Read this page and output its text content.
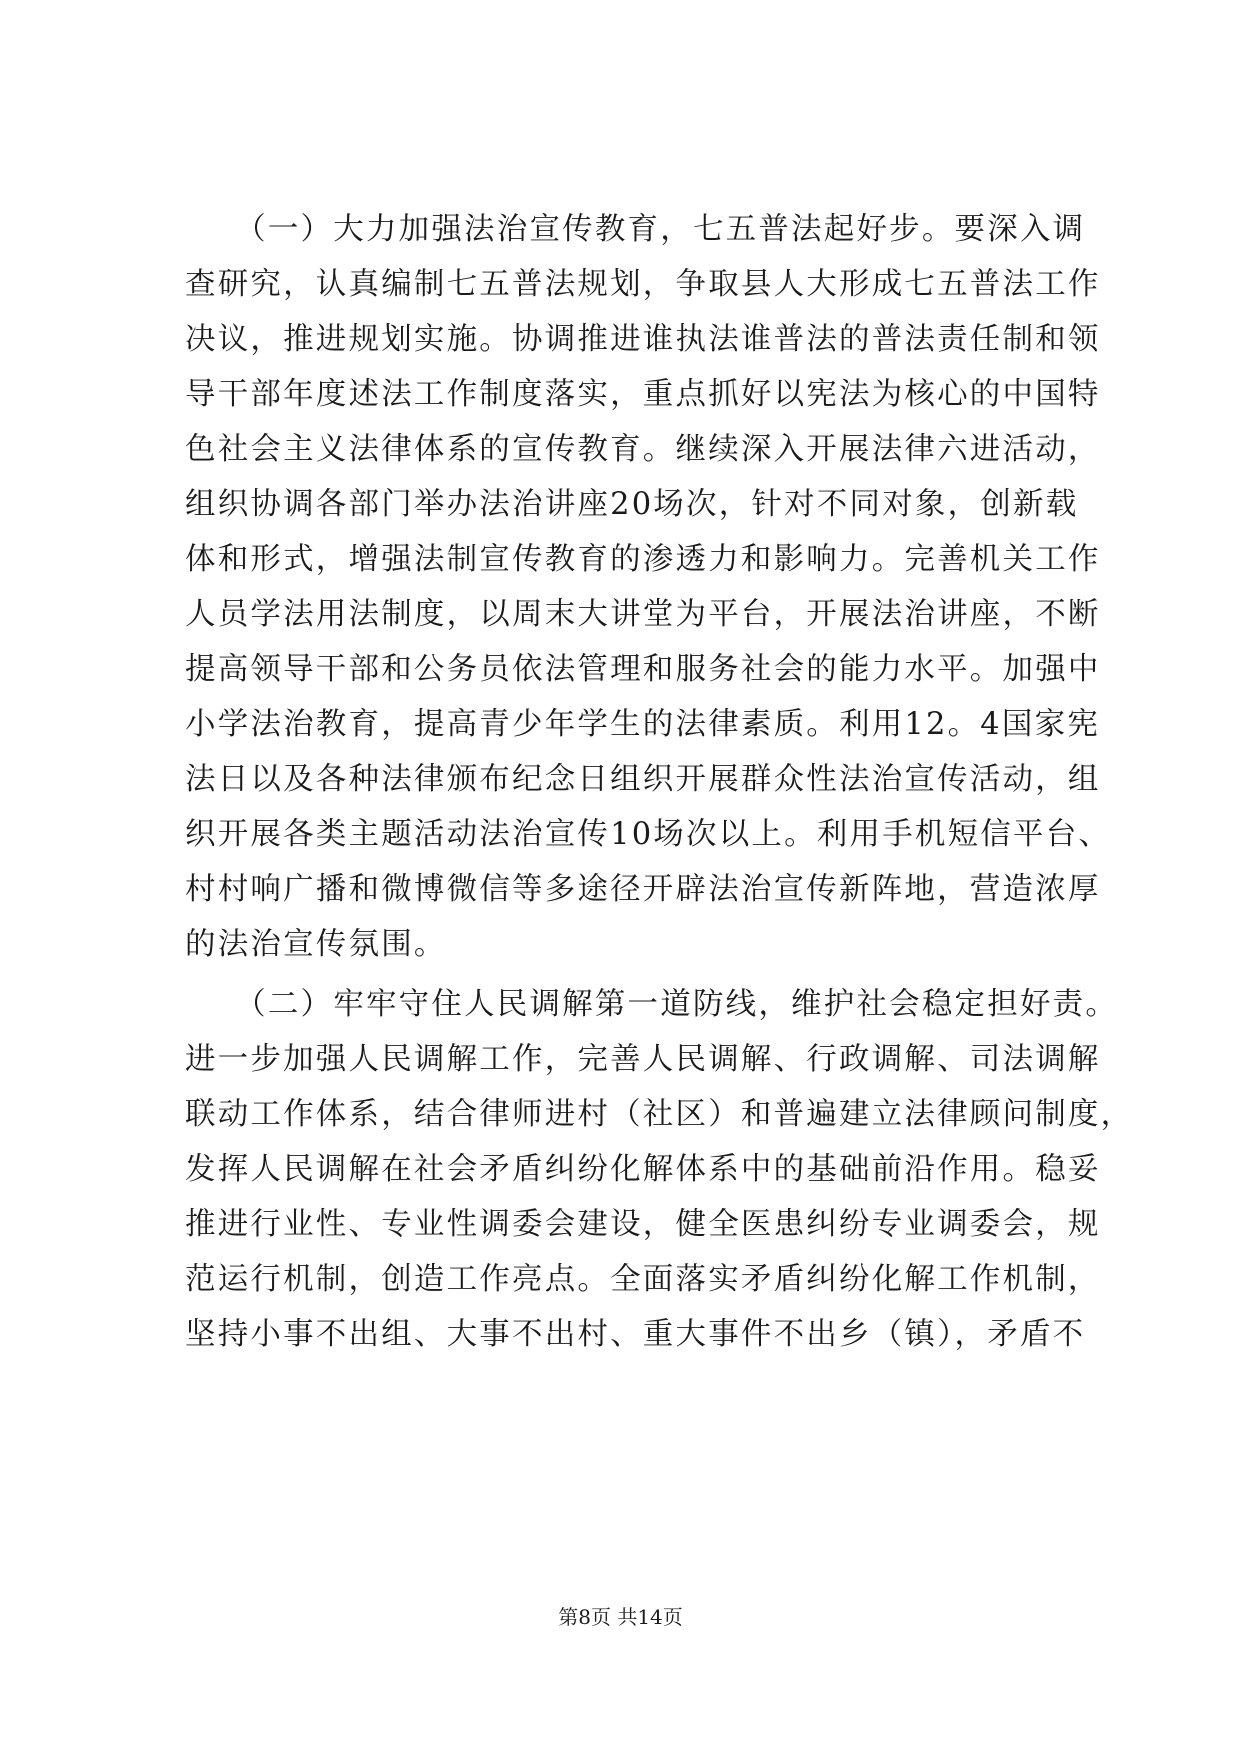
　　（一）大力加强法治宣传教育，七五普法起好步。要深入调
查研究，认真编制七五普法规划，争取县人大形成七五普法工作
决议，推进规划实施。协调推进谁执法谁普法的普法责任制和领
导干部年度述法工作制度落实，重点抓好以宪法为核心的中国特
色社会主义法律体系的宣传教育。继续深入开展法律六进活动，
组织协调各部门举办法治讲座20场次，针对不同对象，创新载
体和形式，增强法制宣传教育的渗透力和影响力。完善机关工作
人员学法用法制度，以周末大讲堂为平台，开展法治讲座，不断
提高领导干部和公务员依法管理和服务社会的能力水平。加强中
小学法治教育，提高青少年学生的法律素质。利用12。4国家宪
法日以及各种法律颁布纪念日组织开展群众性法治宣传活动，组
织开展各类主题活动法治宣传10场次以上。利用手机短信平台、
村村响广播和微博微信等多途径开辟法治宣传新阵地，营造浓厚
的法治宣传氛围。
　　（二）牢牢守住人民调解第一道防线，维护社会稳定担好责。
进一步加强人民调解工作，完善人民调解、行政调解、司法调解
联动工作体系，结合律师进村（社区）和普遍建立法律顾问制度，
发挥人民调解在社会矛盾纠纷化解体系中的基础前沿作用。稳妥
推进行业性、专业性调委会建设，健全医患纠纷专业调委会，规
范运行机制，创造工作亮点。全面落实矛盾纠纷化解工作机制，
坚持小事不出组、大事不出村、重大事件不出乡（镇），矛盾不
第8页 共14页
